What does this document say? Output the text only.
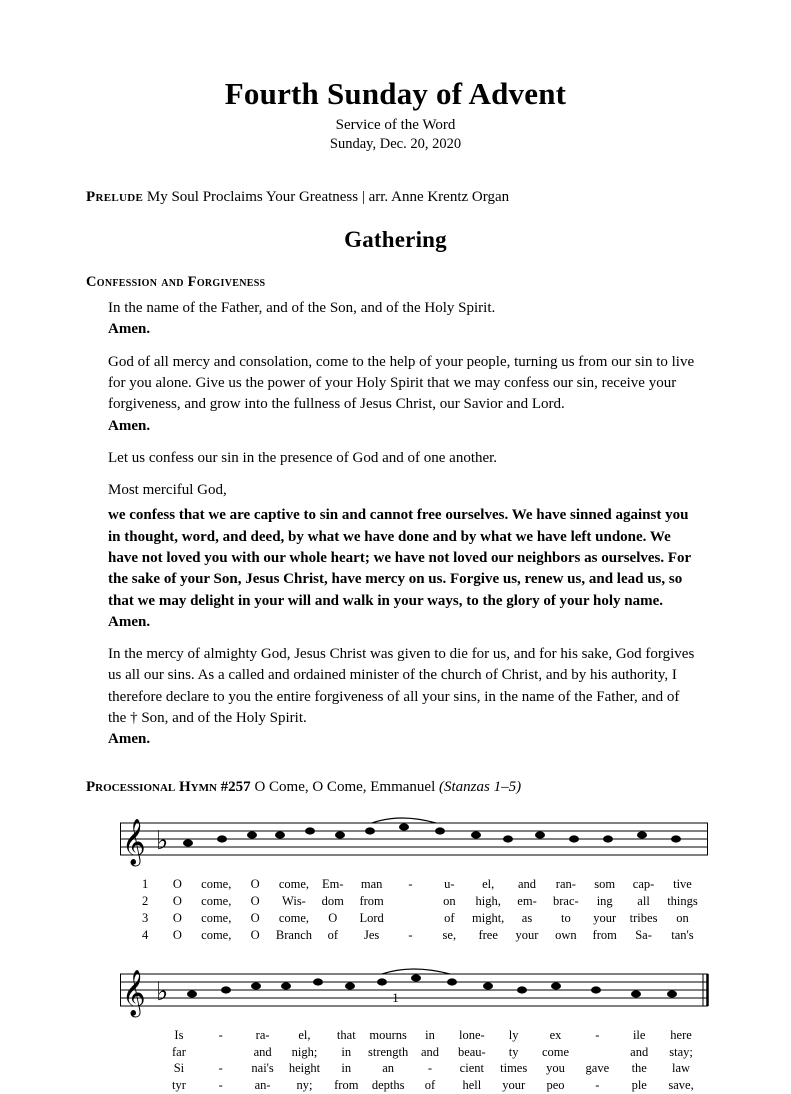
Fourth Sunday of Advent
Service of the Word
Sunday, Dec. 20, 2020
Prelude My Soul Proclaims Your Greatness | arr. Anne Krentz Organ
Gathering
Confession and Forgiveness

In the name of the Father, and of the Son, and of the Holy Spirit.

Amen.

God of all mercy and consolation, come to the help of your people, turning us from our sin to live for you alone. Give us the power of your Holy Spirit that we may confess our sin, receive your forgiveness, and grow into the fullness of Jesus Christ, our Savior and Lord.

Amen.

Let us confess our sin in the presence of God and of one another.

Most merciful God,

we confess that we are captive to sin and cannot free ourselves. We have sinned against you in thought, word, and deed, by what we have done and by what we have left undone. We have not loved you with our whole heart; we have not loved our neighbors as ourselves. For the sake of your Son, Jesus Christ, have mercy on us. Forgive us, renew us, and lead us, so that we may delight in your will and walk in your ways, to the glory of your holy name.

Amen.

In the mercy of almighty God, Jesus Christ was given to die for us, and for his sake, God forgives us all our sins. As a called and ordained minister of the church of Christ, and by his authority, I therefore declare to you the entire forgiveness of all your sins, in the name of the Father, and of the † Son, and of the Holy Spirit.

Amen.

Processional Hymn #257 O Come, O Come, Emmanuel (Stanzas 1–5)
𝄞 ♭
1	O	come,	O	come,	Em-	man	-	u-	el,	and	ran-	som	cap-	tive
2	O	come,	O	Wis-	dom	from		on	high,	em-	brac-	ing	all	things
3	O	come,	O	come,	O	Lord		of	might,	as	to	your	tribes	on
4	O	come,	O	Branch	of	Jes	-	se,	free	your	own	from	Sa-	tan's
𝄞 ♭
	Is	-	ra-	el,	that	mourns	in	lone-	ly	ex	-	ile	here
	far		and	nigh;	in	strength	and	beau-	ty	come		and	stay;
	Si	-	nai's	height	in	an	-	cient	times	you	gave	the	law
	tyr	-	an-	ny;	from	depths	of	hell	your	peo	-	ple	save,
1
